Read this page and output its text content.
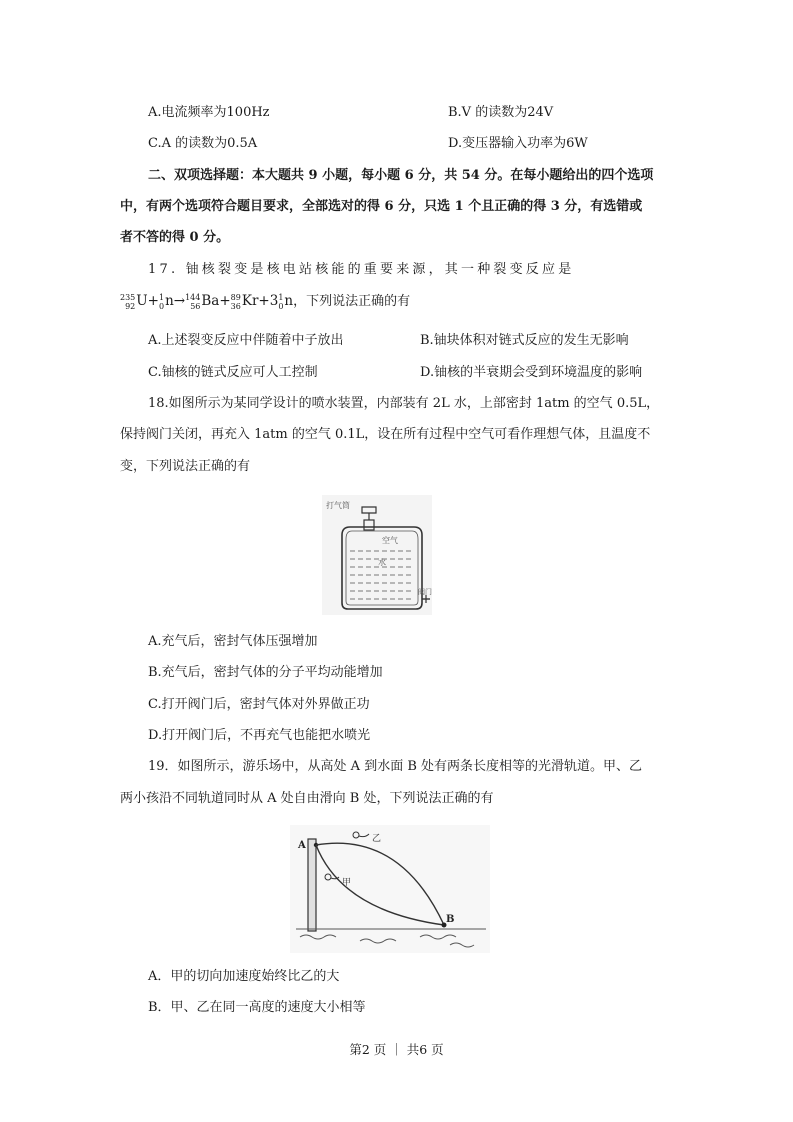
A.电流频率为100Hz	B.V 的读数为24V
C.A 的读数为0.5A	D.变压器输入功率为6W
二、双项选择题：本大题共 9 小题，每小题 6 分，共 54 分。在每小题给出的四个选项
中，有两个选项符合题目要求，全部选对的得 6 分，只选 1 个且正确的得 3 分，有选错或
者不答的得 0 分。
17. 铀核裂变是核电站核能的重要来源，其一种裂变反应是
235
92 U+ 1
0 n→ 144
56 Ba+ 89
36 Kr+3 1
0 n，下列说法正确的有
A.上述裂变反应中伴随着中子放出	B.铀块体积对链式反应的发生无影响
C.铀核的链式反应可人工控制	D.铀核的半衰期会受到环境温度的影响
18.如图所示为某同学设计的喷水装置，内部装有 2L 水，上部密封 1atm 的空气 0.5L，
保持阀门关闭，再充入 1atm 的空气 0.1L，设在所有过程中空气可看作理想气体，且温度不
变，下列说法正确的有
打气筒
空气
水
阀门
A.充气后，密封气体压强增加
B.充气后，密封气体的分子平均动能增加
C.打开阀门后，密封气体对外界做正功
D.打开阀门后，不再充气也能把水喷光
19．如图所示，游乐场中，从高处 A 到水面 B 处有两条长度相等的光滑轨道。甲、乙
两小孩沿不同轨道同时从 A 处自由滑向 B 处，下列说法正确的有
A
B
乙
甲
A．甲的切向加速度始终比乙的大
B．甲、乙在同一高度的速度大小相等
第2 页 ｜ 共6 页
